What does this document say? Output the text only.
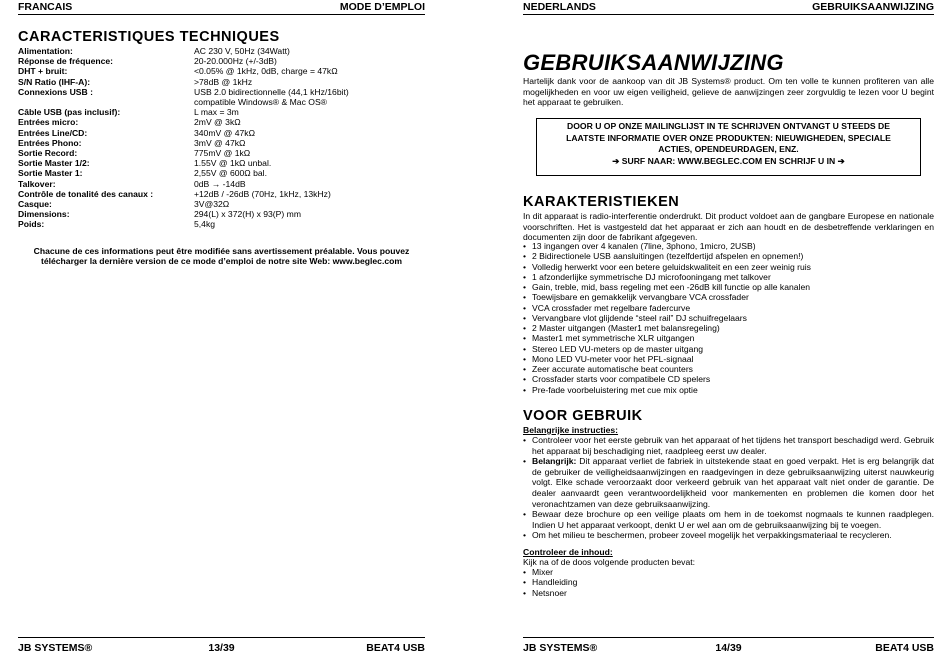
FRANCAIS	MODE D’EMPLOI
CARACTERISTIQUES TECHNIQUES
Alimentation:	AC 230 V, 50Hz (34Watt)
Réponse de fréquence:	20-20.000Hz (+/-3dB)
DHT + bruit:	<0.05% @ 1kHz, 0dB, charge = 47kΩ
S/N Ratio (IHF-A):	>78dB @ 1kHz
Connexions USB :	USB 2.0 bidirectionnelle (44,1 kHz/16bit)
compatible Windows® & Mac OS®
Câble USB (pas inclusif):	L max = 3m
Entrées micro:	2mV @ 3kΩ
Entrées Line/CD:	340mV @ 47kΩ
Entrées Phono:	3mV @ 47kΩ
Sortie Record:	775mV @ 1kΩ
Sortie Master 1/2:	1.55V @ 1kΩ unbal.
Sortie Master 1:	2,55V @ 600Ω bal.
Talkover:	0dB → -14dB
Contrôle de tonalité des canaux :	+12dB / -26dB (70Hz, 1kHz, 13kHz)
Casque:	3V@32Ω
Dimensions:	294(L) x 372(H) x 93(P) mm
Poids:	5,4kg
Chacune de ces informations peut être modifiée sans avertissement préalable. Vous pouvez
télécharger la dernière version de ce mode d’emploi de notre site Web: www.beglec.com
JB SYSTEMS®	13/39	BEAT4 USB
NEDERLANDS	GEBRUIKSAANWIJZING
GEBRUIKSAANWIJZING
Hartelijk dank voor de aankoop van dit JB Systems® product. Om ten volle te kunnen profiteren van alle mogelijkheden en voor uw eigen veiligheid, gelieve de aanwijzingen zeer zorgvuldig te lezen voor U begint het apparaat te gebruiken.
DOOR U OP ONZE MAILINGLIJST IN TE SCHRIJVEN ONTVANGT U STEEDS DE
LAATSTE INFORMATIE OVER ONZE PRODUKTEN: NIEUWIGHEDEN, SPECIALE
ACTIES, OPENDEURDAGEN, ENZ.
➔ SURF NAAR: WWW.BEGLEC.COM EN SCHRIJF U IN ➔
KARAKTERISTIEKEN
In dit apparaat is radio-interferentie onderdrukt. Dit product voldoet aan de gangbare Europese en nationale voorschriften. Het is vastgesteld dat het apparaat er zich aan houdt en de desbetreffende verklaringen en documenten zijn door de fabrikant afgegeven.
• 13 ingangen over 4 kanalen (7line, 3phono, 1micro, 2USB)
• 2 Bidirectionele USB aansluitingen (tezelfdertijd afspelen en opnemen!)
• Volledig herwerkt voor een betere geluidskwaliteit en een zeer weinig ruis
• 1 afzonderlijke symmetrische DJ microfooningang met talkover
• Gain, treble, mid, bass regeling met een -26dB kill functie op alle kanalen
• Toewijsbare en gemakkelijk vervangbare VCA crossfader
• VCA crossfader met regelbare fadercurve
• Vervangbare vlot glijdende “steel rail” DJ schuifregelaars
• 2 Master uitgangen (Master1 met balansregeling)
• Master1 met symmetrische XLR uitgangen
• Stereo LED VU-meters op de master uitgang
• Mono LED VU-meter voor het PFL-signaal
• Zeer accurate automatische beat counters
• Crossfader starts voor compatibele CD spelers
• Pre-fade voorbeluistering met cue mix optie
VOOR GEBRUIK
Belangrijke instructies:
• Controleer voor het eerste gebruik van het apparaat of het tijdens het transport beschadigd werd. Gebruik het apparaat bij beschadiging niet, raadpleeg eerst uw dealer.
• Belangrijk: Dit apparaat verliet de fabriek in uitstekende staat en goed verpakt. Het is erg belangrijk dat de gebruiker de veiligheidsaanwijzingen en raadgevingen in deze gebruiksaanwijzing uiterst nauwkeurig volgt. Elke schade veroorzaakt door verkeerd gebruik van het apparaat valt niet onder de garantie. De dealer aanvaardt geen verantwoordelijkheid voor mankementen en problemen die komen door het veronachtzamen van deze gebruiksaanwijzing.
• Bewaar deze brochure op een veilige plaats om hem in de toekomst nogmaals te kunnen raadplegen. Indien U het apparaat verkoopt, denkt U er wel aan om de gebruiksaanwijzing bij te voegen.
• Om het milieu te beschermen, probeer zoveel mogelijk het verpakkingsmateriaal te recycleren.
Controleer de inhoud:
Kijk na of de doos volgende producten bevat:
• Mixer
• Handleiding
• Netsnoer
JB SYSTEMS®	14/39	BEAT4 USB
